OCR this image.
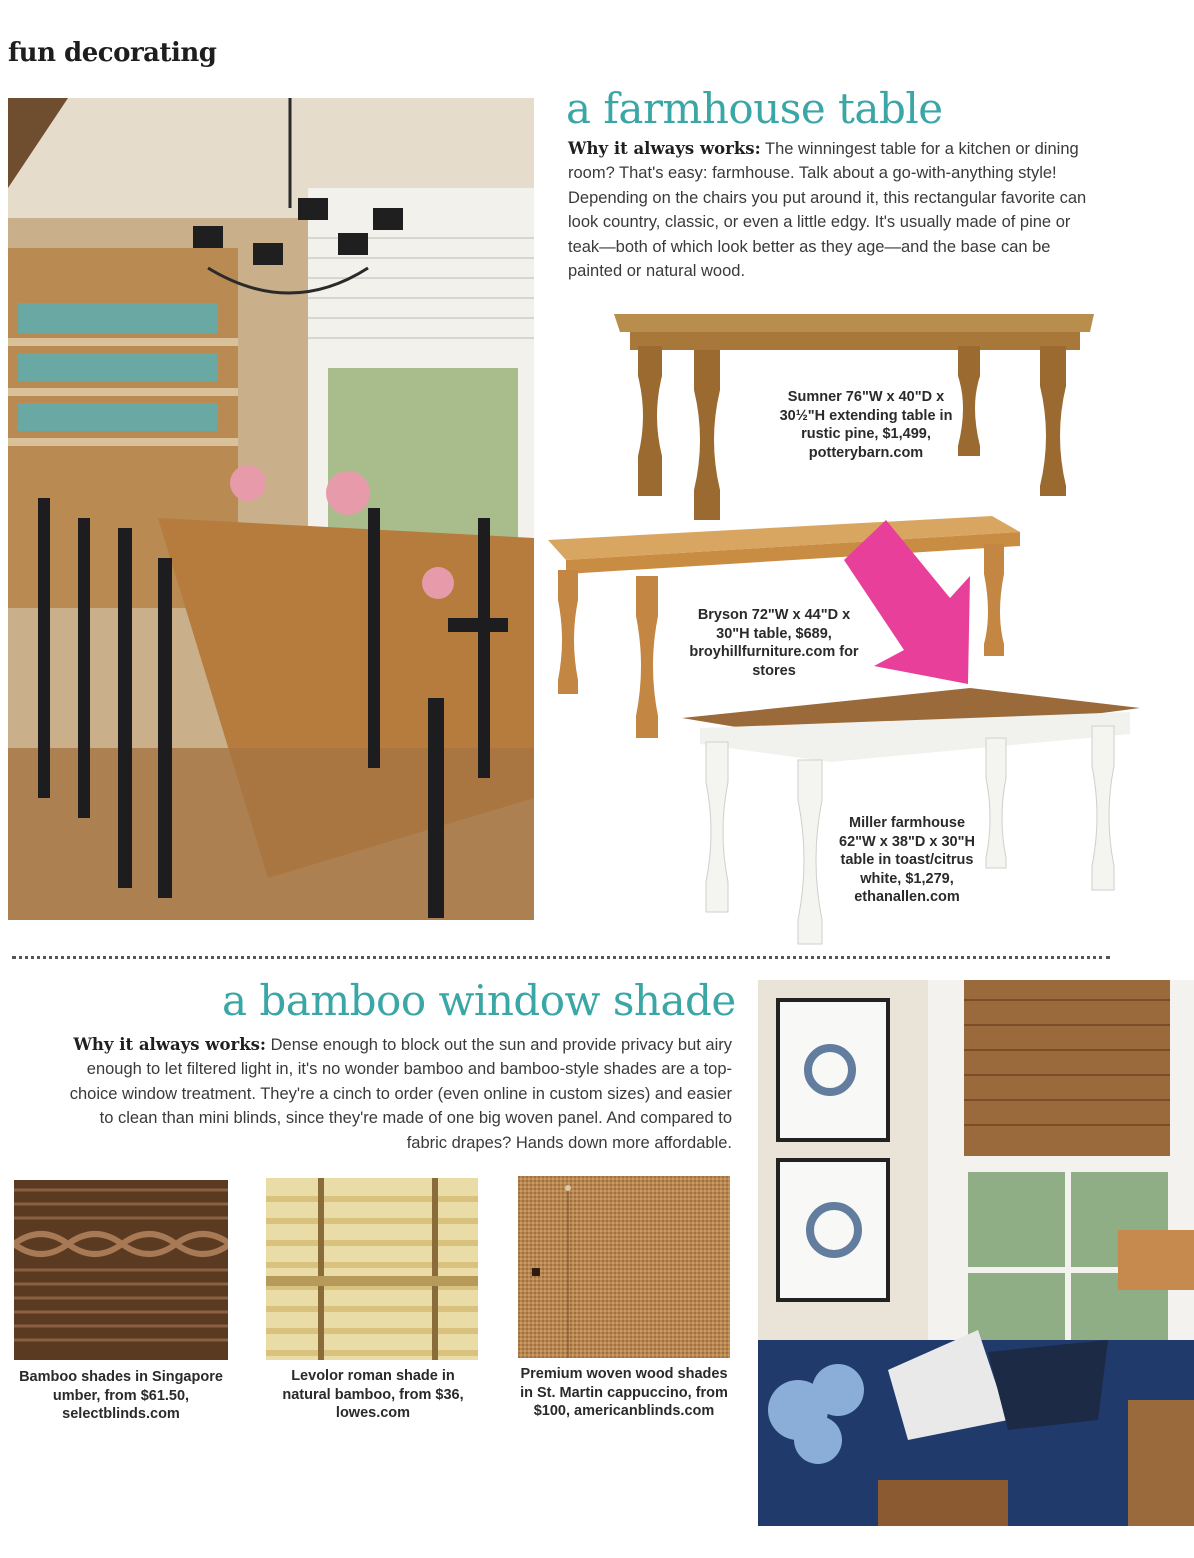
fun decorating
a farmhouse table
Why it always works: The winningest table for a kitchen or dining room? That's easy: farmhouse. Talk about a go-with-anything style! Depending on the chairs you put around it, this rectangular favorite can look country, classic, or even a little edgy. It's usually made of pine or teak—both of which look better as they age—and the base can be painted or natural wood.
Sumner 76"W x 40"D x 30½"H extending table in rustic pine, $1,499, potterybarn.com
Bryson 72"W x 44"D x 30"H table, $689, broyhillfurniture.com for stores
Miller farmhouse 62"W x 38"D x 30"H table in toast/citrus white, $1,279, ethanallen.com
a bamboo window shade
Why it always works: Dense enough to block out the sun and provide privacy but airy enough to let filtered light in, it's no wonder bamboo and bamboo-style shades are a top-choice window treatment. They're a cinch to order (even online in custom sizes) and easier to clean than mini blinds, since they're made of one big woven panel. And compared to fabric drapes? Hands down more affordable.
Bamboo shades in Singapore umber, from $61.50, selectblinds.com
Levolor roman shade in natural bamboo, from $36, lowes.com
Premium woven wood shades in St. Martin cappuccino, from $100, americanblinds.com
